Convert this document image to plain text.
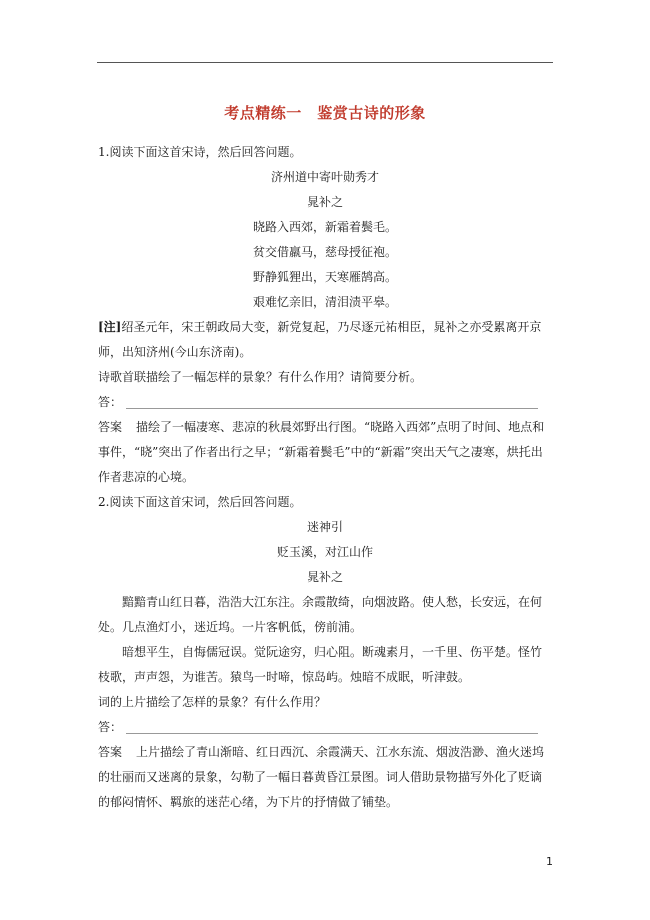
考点精练一　鉴赏古诗的形象

1.阅读下面这首宋诗，然后回答问题。

济州道中寄叶勋秀才

晁补之

晓路入西郊，新霜着鬓毛。

贫交借羸马，慈母授征袍。

野静狐狸出，天寒雁鹄高。

艰难忆亲旧，清泪渍平皋。

[注]绍圣元年，宋王朝政局大变，新党复起，乃尽逐元祐相臣，晁补之亦受累离开京师，出知济州(今山东济南)。

诗歌首联描绘了一幅怎样的景象？有什么作用？请简要分析。

答：

答案 描绘了一幅凄寒、悲凉的秋晨郊野出行图。“晓路入西郊”点明了时间、地点和事件，“晓”突出了作者出行之早；“新霜着鬓毛”中的“新霜”突出天气之凄寒，烘托出作者悲凉的心境。

2.阅读下面这首宋词，然后回答问题。

迷神引

贬玉溪，对江山作

晁补之

黯黯青山红日暮，浩浩大江东注。余霞散绮，向烟波路。使人愁，长安远，在何处。几点渔灯小，迷近坞。一片客帆低，傍前浦。

暗想平生，自悔儒冠误。觉阮途穷，归心阻。断魂素月，一千里、伤平楚。怪竹枝歌，声声怨，为谁苦。猿鸟一时啼，惊岛屿。烛暗不成眠，听津鼓。

词的上片描绘了怎样的景象？有什么作用？

答：

答案 上片描绘了青山渐暗、红日西沉、余霞满天、江水东流、烟波浩渺、渔火迷坞的壮丽而又迷离的景象，勾勒了一幅日暮黄昏江景图。词人借助景物描写外化了贬谪的郁闷情怀、羁旅的迷茫心绪，为下片的抒情做了铺垫。

1
